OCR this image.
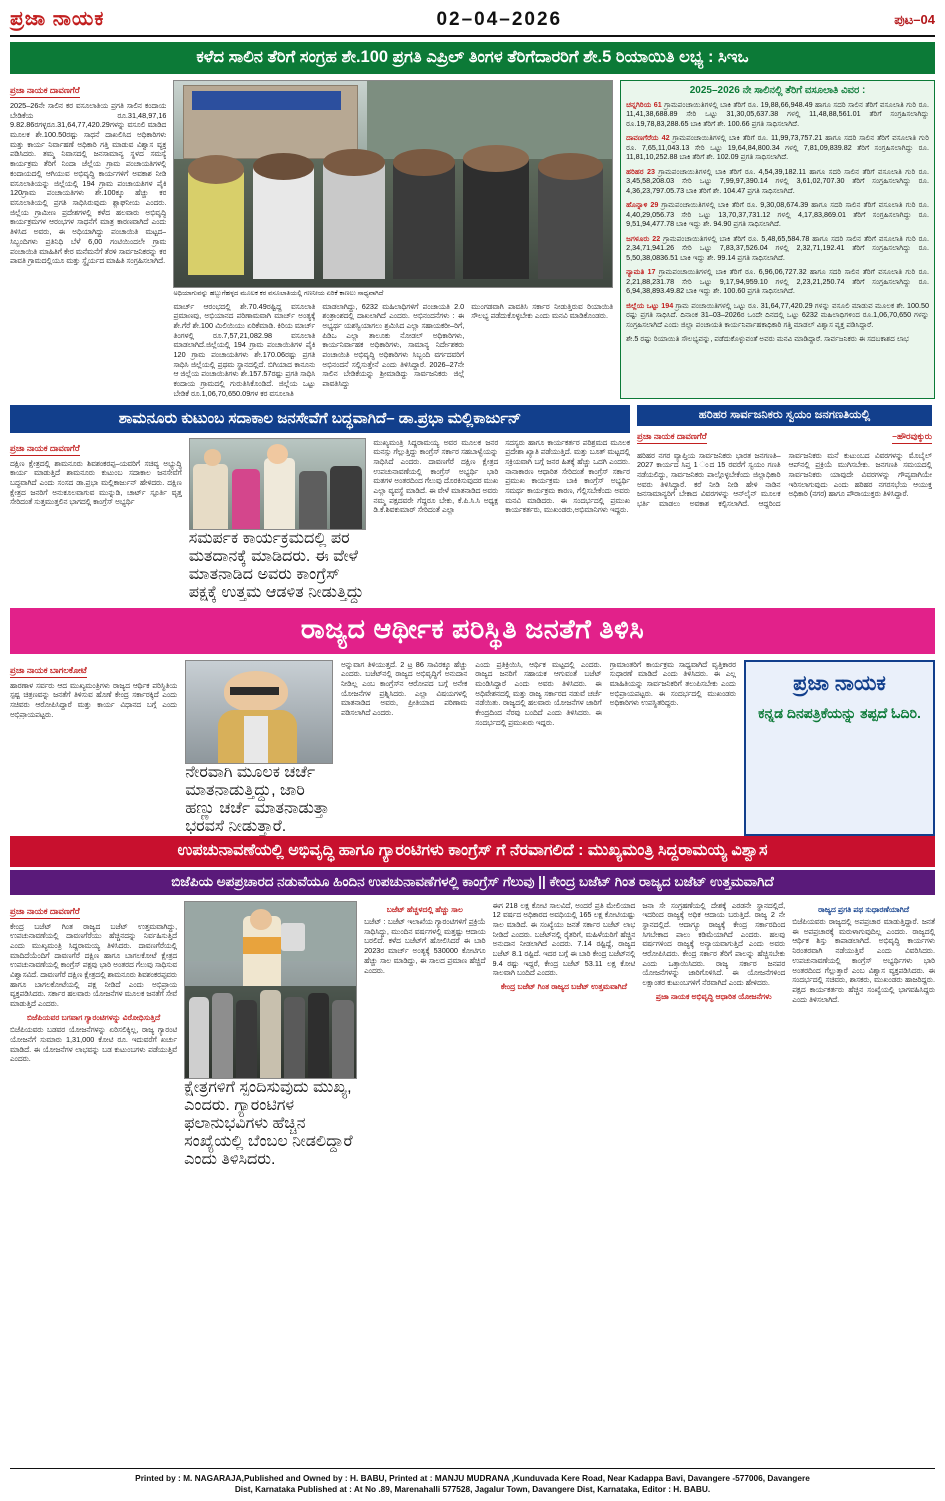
ಪ್ರಜಾ ನಾಯಕ	02–04–2026	ಪುಟ–04
ಕಳೆದ ಸಾಲಿನ ತೆರಿಗೆ ಸಂಗ್ರಹ ಶೇ.100 ಪ್ರಗತಿ ಎಪ್ರಿಲ್ ತಿಂಗಳ ತೆರಿಗೆದಾರರಿಗೆ ಶೇ.5 ರಿಯಾಯಿತಿ ಲಭ್ಯ : ಸಿಇಒ
ಪ್ರಜಾ ನಾಯಕ ದಾವಣಗೆರೆ
2025–26ನೇ ಸಾಲಿನ ಕರ ವಸೂಲಾತಿಯ ಪ್ರಗತಿ ಸಾಲಿನ ಕಂದಾಯ ಬೇಡಿಕೆಯ ರೂ.31,48,97,16 9.82.86ರಗಳ್ಳರೂ.31,64,77,420.29ಗಳನ್ನು ವಸೂಲಿ ಮಾಡಿದ ಮೂಲಕ ಶೇ.100.50ರಷ್ಟು ಸಾಧನೆ ದಾಖಲಿಸಿದ ಅಧಿಕಾರಿಗಳು ಮತ್ತು ಕಾರ್ಯ ನಿರ್ವಾಹಣೆ ಅಧಿಕಾರಿ ಗತ್ತಿ ಮಾಡುವ ವಿಶ್ವಾಸ ವ್ಯಕ್ತ ಪಡಿಸಿದರು. ತಮ್ಮ ನಿವಾಸದಲ್ಲಿ ಜನಸಾಮಾನ್ಯ ಸ್ಥಳದ ಸಮಸ್ಯೆ ಕಾರ್ಯಕ್ರಮ ತೆರಿಗೆ ನಿಂದಾ ಜೆಲ್ಲೆಯ ಗ್ರಾಮ ಪಂಚಾಯತಿಗಳಲ್ಲಿ ಕಂದಾಯದಲ್ಲಿ ಆಗಿಯುವ ಅಭಿವೃದ್ಧಿ ಕಾರ್ಯಗಳಿಗೆ ಅವಕಾಶ ನೀಡಿ ವಸೂಲಾತಿಯನ್ನು ಜಿಲ್ಲೆಯಲ್ಲಿ 194 ಗ್ರಾಮ ಪಂಚಾಯತಿಗಳ ಪೈಕಿ 120ಗ್ರಾಮ ಪಂಚಾಯತಿಗಳು ಶೇ.100ಕ್ಕೂ ಹೆಚ್ಚು ಕರ ವಸೂಲಾತಿಯಲ್ಲಿ ಪ್ರಗತಿ ಸಾಧಿಸಿರುವುದು ಶ್ಲಾಘನೀಯ ಎಂದರು. ಜಿಲ್ಲೆಯ ಗ್ರಾಮೀಣ ಪ್ರದೇಶಗಳಲ್ಲಿ ಕಳೆದ ಹಲವಾರು ಅಭಿವೃದ್ಧಿ ಕಾರ್ಯಕ್ರಮಗಳ ಆರಂಭಗಳ ಸಾಧನೆಗೆ ಮಾತ್ರ ಕಾರಣವಾಗಿದೆ ಎಂದು ತಿಳಿಸಿದ ಅವರು, ಈ ಅಧಿಯಾಗಿದ್ದು ಪಂಚಾಯಿತಿ ಮಟ್ಟದ–ಸಿಬ್ಬಂದಿಗಳು ಪ್ರತಿನಿಧಿ ಬೆಳೆ 6,00 ಗಂಟಿಯಿಂದಲೇ ಗ್ರಾಮ ಪಂಚಾಯಿತಿ ಮಾಹಿತಿಗೆ ಕೇರ ಮನೆಮನೆಗೆ ತೆರಳಿ ಸಾರ್ವಜನಿಕರನ್ನು ಕರ ಪಾವತಿ ಗ್ರಾಮದಲ್ಲಿಯೂ ಮತ್ತು ಸ್ಥೈರ್ಯದ ಮಾಹಿತಿ ಸಂಗ್ರಹಿಸಲಾಗಿದೆ.
ಅಧಿಯಾಗುವನ್ನು ಹಬ್ಬುಗೆಹಳ್ಳದ ಮೂಲಕ ಕರ ವಸೂಲಾತಿಯಲ್ಲಿ ಗಣನೀಯ ಏರಿಕೆ ಕಾಣಲು ಸಾಧ್ಯವಾಗಿದೆ
ಮಾರ್ಚ್ ಆರಂಭದಲ್ಲಿ ಶೇ.70.49ರಷ್ಟಿದ್ದ ವಸೂಲಾತಿ ಪ್ರಮಾಣವು, ಅಭಿಯಾನದ ಪರಿಣಾಮವಾಗಿ ಮಾರ್ಚ್ ಅಂತ್ಯಕ್ಕೆ ಶೇ.ಗೆರೆ ಶೇ.100 ಮಿಲಿಯಿಯು ಏರಿಕೆಮಾಡಿ. ಕಿರಿಯ ಮಾರ್ಚ್ ತಿಂಗಳಲ್ಲಿ ರೂ.7,57,21,082.98 ವಸೂಲಾತಿ ಮಾಡಲಾಗಿದೆ.ಜಿಲ್ಲೆಯಲ್ಲಿ 194 ಗ್ರಾಮ ಪಂಚಾಯಿತಿಗಳ ಪೈಕಿ 120 ಗ್ರಾಮ ಪಂಚಾಯತಿಗಳು ಶೇ.170.06ರಷ್ಟು ಪ್ರಗತಿ ಸಾಧಿಸಿ ಜಿಲ್ಲೆಯಲ್ಲಿ ಪ್ರಥಮ ಸ್ಥಾನದಲ್ಲಿದೆ. ಬಿಗಿಯಾದ ಕಾನೂನು ಆ ಜಿಲ್ಲೆಯ ಪಂಚಾಯಿತಿಗಳು ಶೇ.157.57ರಷ್ಟು ಪ್ರಗತಿ ಸಾಧಿಸಿ ಕಂದಾಯ ಗ್ರಾಮದಲ್ಲಿ ಗುರುತಿಸಿಕೊಂಡಿದೆ. ಜಿಲ್ಲೆಯ ಒಟ್ಟು ಬೇಡಿಕೆ ರೂ.1,06,70,650.09ಗಳ ಕರ ವಸೂಲಾತಿ
ಮಾಡಲಾಗಿದ್ದು, 6232 ಮಹಿಲಾಧಿಗಳಿಗೆ ಪಂಚಾಯತಿ 2.0 ಶಂತ್ರಾಂಶದಲ್ಲಿ ದಾಖಲಾಗಿದೆ ಎಂದರು. ಅಭಿನಂದನೆಗಳು : ಈ ಅಭ್ಯರ್ಥ ಯಶಸ್ವಿಯಾಗಲು ಶ್ರಮಿಸಿದ ಎಲ್ಲಾ ಸಹಾಯಕರೀ–ರಿಗೆ, ಪಿಡಿಒ ಎಲ್ಲಾ ತಾಲೂಕು ನೋಡಲ್ ಅಧಿಕಾರಿಗಳು, ಕಾರ್ಯನಿರ್ವಾಹಕ ಅಧಿಕಾರಿಗಳು, ಸಾಮಾನ್ಯ ನಿರ್ದೇಶಕರು ಪಂಚಾಯಿತಿ ಅಭಿವೃದ್ಧಿ ಅಧಿಕಾರಿಗಳು ಸಿಬ್ಬಂದಿ ವರ್ಗದವರಿಗೆ ಅಭಿನಂದನೆ ಸಲ್ಲಿಸುತ್ತೇನೆ ಎಂದು ತಿಳಿಸಿದ್ದಾರೆ. 2026–27ನೇ ಸಾಲಿನ ಬೇಡಿಕೆಯನ್ನು ಶ್ರೀಮಾಡಿದ್ದು ಸಾರ್ವಜನಿಕರು ಜಿಲ್ಲೆ ಪಾವತಿಸಿದ್ದು
ಮುಂಗಡವಾಗಿ ಪಾವತಿಸಿ ಸರ್ಕಾರ ನೀಡುತ್ತಿರುವ ರಿಯಾಯಿತಿ ಸೌಲಭ್ಯ ಪಡೆದುಕೊಳ್ಳಬೇಕು ಎಂದು ಮನವಿ ಮಾಡಿಕೊಂಡರು.
2025–2026 ನೇ ಸಾಲಿನಲ್ಲಿ ತೆರಿಗೆ ವಸೂಲಾತಿ ವಿವರ :
ಚನ್ನಗಿರಿಯ 61 ಗ್ರಾಮಪಂಚಾಯಿತಿಗಳಲ್ಲಿ ಬಾಕಿ ತೆರಿಗೆ ರೂ. 19,88,66,948.49 ಹಾಗೂ ಸದರಿ ಸಾಲಿನ ತೆರಿಗೆ ವಸೂಲಾತಿ ಗುರಿ ರೂ. 11,41,38,688.89 ಸೇರಿ ಒಟ್ಟು 31,30,05,637.38 ಗಳಲ್ಲಿ 11,48,88,561.01 ತೆರಿಗೆ ಸಂಗ್ರಹಿಸಲಾಗಿದ್ದು ರೂ.19,78,83,288.65 ಬಾಕಿ ತೆರಿಗೆ ಶೇ. 100.66 ಪ್ರಗತಿ ಸಾಧಿಸಲಾಗಿದೆ.
ದಾವಣಗೆರೆಯ 42 ಗ್ರಾಮಪಂಚಾಯಿತಿಗಳಲ್ಲಿ ಬಾಕಿ ತೆರಿಗೆ ರೂ. 11,99,73,757.21 ಹಾಗೂ ಸದರಿ ಸಾಲಿನ ತೆರಿಗೆ ವಸೂಲಾತಿ ಗುರಿ ರೂ. 7,65,11,043.13 ಸೇರಿ ಒಟ್ಟು 19,64,84,800.34 ಗಳಲ್ಲಿ 7,81,09,839.82 ತೆರಿಗೆ ಸಂಗ್ರಹಿಸಲಾಗಿದ್ದು ರೂ. 11,81,10,252.88 ಬಾಕಿ ತೆರಿಗೆ ಶೇ. 102.09 ಪ್ರಗತಿ ಸಾಧಿಸಲಾಗಿದೆ.
ಹರಿಹರ 23 ಗ್ರಾಮಪಂಚಾಯಿತಿಗಳಲ್ಲಿ ಬಾಕಿ ತೆರಿಗೆ ರೂ. 4,54,39,182.11 ಹಾಗೂ ಸದರಿ ಸಾಲಿನ ತೆರಿಗೆ ವಸೂಲಾತಿ ಗುರಿ ರೂ. 3,45,58,208.03 ಸೇರಿ ಒಟ್ಟು 7,99,97,390.14 ಗಳಲ್ಲಿ 3,61,02,707.30 ತೆರಿಗೆ ಸಂಗ್ರಹಿಸಲಾಗಿದ್ದು ರೂ. 4,36,23,797.05.73 ಬಾಕಿ ತೆರಿಗೆ ಶೇ. 104.47 ಪ್ರಗತಿ ಸಾಧಿಸಲಾಗಿದೆ.
ಹೊನ್ನಾಳಿ 29 ಗ್ರಾಮಪಂಚಾಯಿತಿಗಳಲ್ಲಿ ಬಾಕಿ ತೆರಿಗೆ ರೂ. 9,30,08,674.39 ಹಾಗೂ ಸದರಿ ಸಾಲಿನ ತೆರಿಗೆ ವಸೂಲಾತಿ ಗುರಿ ರೂ. 4,40,29,056.73 ಸೇರಿ ಒಟ್ಟು 13,70,37,731.12 ಗಳಲ್ಲಿ 4,17,83,869.01 ತೆರಿಗೆ ಸಂಗ್ರಹಿಸಲಾಗಿದ್ದು ರೂ. 9,51,94,477.78 ಬಾಕಿ ಇದ್ದು ಶೇ. 94.90 ಪ್ರಗತಿ ಸಾಧಿಸಲಾಗಿದೆ.
ಜಗಳೂರು 22 ಗ್ರಾಮಪಂಚಾಯಿತಿಗಳಲ್ಲಿ ಬಾಕಿ ತೆರಿಗೆ ರೂ. 5,48,65,584.78 ಹಾಗೂ ಸದರಿ ಸಾಲಿನ ತೆರಿಗೆ ವಸೂಲಾತಿ ಗುರಿ ರೂ. 2,34,71,941.26 ಸೇರಿ ಒಟ್ಟು 7,83,37,526.04 ಗಳಲ್ಲಿ 2,32,71,192.41 ತೆರಿಗೆ ಸಂಗ್ರಹಿಸಲಾಗಿದ್ದು ರೂ. 5,50,38,0836.51 ಬಾಕಿ ಇದ್ದು ಶೇ. 99.14 ಪ್ರಗತಿ ಸಾಧಿಸಲಾಗಿದೆ.
ನ್ಯಾಮತಿ 17 ಗ್ರಾಮಪಂಚಾಯಿತಿಗಳಲ್ಲಿ ಬಾಕಿ ತೆರಿಗೆ ರೂ. 6,96,06,727.32 ಹಾಗೂ ಸದರಿ ಸಾಲಿನ ತೆರಿಗೆ ವಸೂಲಾತಿ ಗುರಿ ರೂ. 2,21,88,231.78 ಸೇರಿ ಒಟ್ಟು 9,17,94,959.10 ಗಳಲ್ಲಿ 2,23,21,250.74 ತೆರಿಗೆ ಸಂಗ್ರಹಿಸಲಾಗಿದ್ದು ರೂ. 6,94,38,893.49.82 ಬಾಕಿ ಇದ್ದು ಶೇ. 100.60 ಪ್ರಗತಿ ಸಾಧಿಸಲಾಗಿದೆ.
ಜಿಲ್ಲೆಯ ಒಟ್ಟು 194 ಗ್ರಾಮ ಪಂಚಾಯಿತಿಗಳಲ್ಲಿ ಒಟ್ಟು ರೂ. 31,64,77,420.29 ಗಳನ್ನು ವಸೂಲಿ ಮಾಡುವ ಮೂಲಕ ಶೇ. 100.50 ರಷ್ಟು ಪ್ರಗತಿ ಸಾಧಿಸಿದೆ. ದಿನಾಂಕ 31–03–2026ರ ಒಂದೇ ದಿನದಲ್ಲಿ ಒಟ್ಟು 6232 ಮಹಿಲಾಧಿಗಳಿಂದ ರೂ.1,06,70,650 ಗಳನ್ನು ಸಂಗ್ರಹಿಸಲಾಗಿದೆ ಎಂದು ಜಿಲ್ಲಾ ಪಂಚಾಯತಿ ಕಾರ್ಯನಿರ್ವಾಹಕಾಧಿಕಾರಿ ಗತ್ತಿ ಮಾಡಲ್ ವಿಶ್ವಾಸ ವ್ಯಕ್ತ ಪಡಿಸಿದ್ದಾರೆ.
ಶೇ.5 ರಷ್ಟು ರಿಯಾಯಿತಿ ಸೌಲಭ್ಯವನ್ನು, ಪಡೆದುಕೊಳ್ಳುವಂತೆ ಅವರು ಮನವಿ ಮಾಡಿದ್ದಾರೆ. ಸಾರ್ವಜನಿಕರು ಈ ಸದಬಕಾಶದ ಲಾಭ
ಶಾಮನೂರು ಕುಟುಂಬ ಸದಾಕಾಲ ಜನಸೇವೆಗೆ ಬದ್ಧವಾಗಿದೆ– ಡಾ.ಪ್ರಭಾ ಮಲ್ಲಿಕಾರ್ಜುನ್
ಪ್ರಜಾ ನಾಯಕ ದಾವಣಗೆರೆ
ದಕ್ಷಿಣ ಕ್ಷೇತ್ರದಲ್ಲಿ ಶಾಮನೂರು ಶಿವಶಂಕರಪ್ಪ–ಯವರಿಗೆ ಸಚಿವ್ಯ ಅಭ್ಯುದ್ಧಿ ಕಾರ್ಯ ಮಾಡುತ್ತಿದೆ ಶಾಮನೂರು ಕುಟುಂಬ ಸದಾಕಾಲ ಜನಸೇವೆಗೆ ಬದ್ಧವಾಗಿದೆ ಎಂದು ಸಂಸದ ಡಾ.ಪ್ರಭಾ ಮಲ್ಲಿಕಾರ್ಜುನ್ ಹೇಳಿದರು. ದಕ್ಷಿಣ ಕ್ಷೇತ್ರದ ಜನರಿಗೆ ಅನುಕೂಲವಾಗುವ ಮುನ್ನುಡಿ, ಚಾರ್ಟ್ ಸ್ಪೂರ್ತಿ ವೃತ್ತ ಸೇರಿದಂತೆ ಸುತ್ತಮುತ್ತಲಿನ ಭಾಗದಲ್ಲಿ ಕಾಂಗ್ರೆಸ್ ಅಭ್ಯರ್ಥಿ
ಸಮರ್ಪಕ ಕಾರ್ಯಕ್ರಮದಲ್ಲಿ ಪರ ಮತದಾನಕ್ಕೆ ಮಾಡಿದರು. ಈ ವೇಳೆ ಮಾತನಾಡಿದ ಅವರು ಕಾಂಗ್ರೆಸ್ ಪಕ್ಷಕ್ಕೆ ಉತ್ತಮ ಆಡಳಿತ ನೀಡುತ್ತಿದ್ದು
ಮುಖ್ಯಮಂತ್ರಿ ಸಿದ್ದರಾಮಯ್ಯ ಅವರ ಮೂಲಕ ಜನರ ಮನಸ್ಸು ಗೆಲ್ಲುತ್ತಿದ್ದು ಕಾಂಗ್ರೆಸ್ ಸರ್ಕಾರ ಸಹಬಾಳ್ವೆಯನ್ನು ಸಾಧಿಸಿದೆ ಎಂದರು. ದಾವಣಗೆರೆ ದಕ್ಷಿಣ ಕ್ಷೇತ್ರದ ಉಪಚುನಾವಣೆಯಲ್ಲಿ ಕಾಂಗ್ರೆಸ್ ಅಭ್ಯರ್ಥಿ ಭಾರಿ ಮತಗಳ ಅಂತರದಿಂದ ಗೆಲುವು ದೊರಕಿಸುವುದರ ಮುಖ ಎಲ್ಲಾ ವ್ಯವಸ್ಥೆ ಮಾಡಿದೆ. ಈ ವೇಳೆ ಮಾತನಾಡಿದ ಅವರು ನಮ್ಮ ಪಕ್ಷದವರೇ ಗೆದ್ದರೂ ಬೇಕು, ಕೆ.ಪಿ.ಸಿ.ಸಿ ಅಧ್ಯಕ್ಷ ಡಿ.ಕೆ.ಶಿವಕುಮಾರ್ ಸೇರಿದಂತೆ ಎಲ್ಲಾ
ಸದಸ್ಯರು ಹಾಗೂ ಕಾರ್ಯಕರ್ತರ ಪರಿಶ್ರಮದ ಮೂಲಕ ಪ್ರದೇಶಾ ಖ್ಯಾತಿ ಪಡೆಯುತ್ತಿದೆ. ಮತ್ತು ಬೂತ್ ಮಟ್ಟದಲ್ಲಿ ಸಕ್ರಿಯವಾಗಿ ಬಗ್ಗೆ ಜನರ ಹಿತಕ್ಕೆ ಹೆಚ್ಚು ಒದಗಿ ಎಂದರು. ನಾನಾಕಾರಣ ಆಧಾರಿತ ಸೇರಿದಂತೆ ಕಾಂಗ್ರೆಸ್ ಸರ್ಕಾರ ಪ್ರಮುಖ ಕಾರ್ಯಕ್ರಮ ಬಾಕಿ ಕಾಂಗ್ರೆಸ್ ಅಭ್ಯರ್ಥಿ ಸಮರ್ಥ ಕಾರ್ಯಕ್ರಮ ಕಾರಣ, ಗೆಲ್ಲಿಸಬೇಕೆಂದು ಅವರು ಮನವಿ ಮಾಡಿದರು. ಈ ಸಂದರ್ಭದಲ್ಲಿ ಪ್ರಮುಖ ಕಾರ್ಯಕರ್ತರು, ಮುಖಂಡರು,ಅಭಿಮಾನಿಗಳು ಇದ್ದರು.
ಹರಿಹರ ಸಾರ್ವಜನಿಕರು ಸ್ವಯಂ ಜನಗಣತಿಯಲ್ಲಿ
ಪ್ರಜಾ ನಾಯಕ ದಾವಣಗೆರೆ	–ಹೌರವುಕ್ಕುರು
ಹರಿಹರ ನಗರ ವ್ಯಾಪ್ತಿಯ ಸಾರ್ವಜನಿಕರು ಭಾರತ ಜನಗಣತಿ–2027 ಕಾರ್ಯದ ಸಿಪ್ತ 1 ಂದ 15 ರವರೆಗೆ ಸ್ವಯಂ ಗಣತಿ ನಡೆಯಲಿದ್ದು, ಸಾರ್ವಜನಿಕರು ಪಾಲ್ಗೊಳ್ಳಬೇಕೆಂದು ಜಿಲ್ಲಾಧಿಕಾರಿ ಅವರು ತಿಳಿಸಿದ್ದಾರೆ. ಕರೆ ನೀಡಿ ನೀಡಿ ಹೇಳಿ ನಾಡಿನ ಜನಸಾಮಾನ್ಯರಿಗೆ ಬೇಕಾದ ವಿವರಗಳನ್ನು ಆನ್‍ಲೈನ್ ಮೂಲಕ ಭರ್ತಿ ಮಾಡಲು ಅವಕಾಶ ಕಲ್ಪಿಸಲಾಗಿದೆ. ಆದ್ದರಿಂದ ಸಾರ್ವಜನಿಕರು ಮನೆ ಕುಟುಂಬದ ವಿವರಗಳನ್ನು ಮೊಬೈಲ್ ಆಪ್‍ನಲ್ಲಿ ಪ್ರಕ್ರಿಯೆ ಮುಗಿಸಬೇಕು. ಜನಗಣತಿ ಸಮಯದಲ್ಲಿ ಸಾರ್ವಜನಿಕರು ಯಾವುದೇ ವಿವರಗಳನ್ನು ಗೌಪ್ಯವಾಗಿಯೇ ಇರಿಸಲಾಗುವುದು ಎಂದು ಹರಿಹರ ನಗರಸಭೆಯ ಆಯುಕ್ತ ಅಧಿಕಾರಿ (ನಗರ) ಹಾಗೂ ಪೌರಾಯುಕ್ತರು ತಿಳಿಸಿದ್ದಾರೆ.
ರಾಜ್ಯದ ಆರ್ಥೀಕ ಪರಿಸ್ಥಿತಿ ಜನತೆಗೆ ತಿಳಿಸಿ
ಪ್ರಜಾ ನಾಯಕ ಬಾಗಲಕೋಟೆ
ಹಾರಣಾಳ ಸರ್ವರು ಆದ ಮುಖ್ಯಮಂತ್ರಿಗಳು ರಾಜ್ಯದ ಆರ್ಥಿಕ ಪರಿಸ್ಥಿತಿಯ ಸ್ಪಷ್ಟ ಚಿತ್ರಣವನ್ನು ಜನತೆಗೆ ತಿಳಿಸುವ ಹೊಣೆ ಕೇಂದ್ರ ಸರ್ಕಾರಕ್ಕಿದೆ ಎಂದು ಸಚಿವರು ಆರೋಪಿಸಿದ್ದಾರೆ ಮತ್ತು ಕಾರ್ಯ ವಿಧಾನದ ಬಗ್ಗೆ ಎಂದು ಅಭಿಪ್ರಾಯಪಟ್ಟರು.
ನೇರವಾಗಿ ಮೂಲಕ ಚರ್ಚೆ ಮಾತನಾಡುತ್ತಿದ್ದು, ಜಾರಿ ಹಣ್ಣು ಚರ್ಚೆ ಮಾತನಾಡುತ್ತಾ ಭರವಸೆ ನೀಡುತ್ತಾರೆ.
ಅನ್ನುವಾಗ ತಿಳಿಯುತ್ತದೆ. 2 ಟ್ರ 86 ಸಾವಿರಕ್ಕೂ ಹೆಚ್ಚು ಎಂದರು. ಬಜೆಟ್‍ನಲ್ಲಿ ರಾಜ್ಯದ ಅಭಿವೃದ್ಧಿಗೆ ಅನುದಾನ ನೀಡಿಲ್ಲ ಎಂಬ ಕಾಂಗ್ರೆಸ್‍ನ ಆರೋಪದ ಬಗ್ಗೆ ಅನೇಕ ಯೋಜನೆಗಳ ಪ್ರಶ್ನಿಸಿದರು. ಎಲ್ಲಾ ವಿಷಯಗಳಲ್ಲಿ ಮಾತನಾಡಿದ ಅವರು, ಪ್ರೀತಿಯಾದ ಪರಿಣಾಮ ಪಡಿಸಲಾಗಿದೆ ಎಂದರು.
ಎಂದು ಪ್ರತಿಕ್ರಿಯಿಸಿ, ಆರ್ಥಿಕ ಮಟ್ಟದಲ್ಲಿ ಎಂದರು. ರಾಜ್ಯದ ಜನರಿಗೆ ಸಹಾಯಕ ಆಗುವಂತೆ ಬಜೆಟ್ ಮಂಡಿಸಿದ್ದಾರೆ ಎಂದು ಅವರು ತಿಳಿಸಿದರು. ಈ ಅಧಿವೇಶನದಲ್ಲಿ ಮತ್ತು ರಾಜ್ಯ ಸರ್ಕಾರದ ನಡುವೆ ಚರ್ಚೆ ನಡೆಯಿತು. ರಾಜ್ಯದಲ್ಲಿ ಹಲವಾರು ಯೋಜನೆಗಳ ಜಾರಿಗೆ ಕೇಂದ್ರದಿಂದ ನೆರವು ಬಂದಿದೆ ಎಂದು ತಿಳಿಸಿದರು. ಈ ಸಂದರ್ಭದಲ್ಲಿ ಪ್ರಮುಖರು ಇದ್ದರು.
ಗ್ರಾಮಾಂತರಿಗೆ ಕಾರ್ಯಕ್ರಮ ಸಾಧ್ಯವಾಗಿದೆ ವೃತ್ತಿಕಾರರ ಸುಧಾರಣೆ ಮಾಡಿದೆ ಎಂದು ತಿಳಿಸಿದರು. ಈ ಎಲ್ಲ ಮಾಹಿತಿಯನ್ನು ಸಾರ್ವಜನಿಕರಿಗೆ ತಲುಪಿಸಬೇಕು ಎಂದು ಅಭಿಪ್ರಾಯಪಟ್ಟರು. ಈ ಸಂದರ್ಭದಲ್ಲಿ ಮುಖಂಡರು ಅಧಿಕಾರಿಗಳು ಉಪಸ್ಥಿತರಿದ್ದರು.
ಪ್ರಜಾ ನಾಯಕ
ಕನ್ನಡ ದಿನಪತ್ರಿಕೆಯನ್ನು ತಪ್ಪದೆ ಓದಿರಿ.
ಉಪಚುನಾವಣೆಯಲ್ಲಿ ಅಭಿವೃದ್ಧಿ ಹಾಗೂ ಗ್ಯಾರಂಟಿಗಳು ಕಾಂಗ್ರೆಸ್ ಗೆ ನೆರವಾಗಲಿದೆ : ಮುಖ್ಯಮಂತ್ರಿ ಸಿದ್ದರಾಮಯ್ಯ ವಿಶ್ವಾಸ
ಬಿಜೆಪಿಯ ಅಪಪ್ರಚಾರದ ನಡುವೆಯೂ ಹಿಂದಿನ ಉಪಚುನಾವಣೆಗಳಲ್ಲಿ ಕಾಂಗ್ರೆಸ್ ಗೆಲುವು || ಕೇಂದ್ರ ಬಜೆಟ್ ಗಿಂತ ರಾಜ್ಯದ ಬಜೆಟ್ ಉತ್ತಮವಾಗಿದೆ
ಪ್ರಜಾ ನಾಯಕ ದಾವಣಗೆರೆ
ಕೇಂದ್ರ ಬಜೆಟ್ ಗಿಂತ ರಾಜ್ಯದ ಬಜೆಟ್ ಉತ್ತಮವಾಗಿದ್ದು, ಉಪಚುನಾವಣೆಯಲ್ಲಿ ದಾವಣಗೆರೆಯು ಹೆಚ್ಚಿನದನ್ನು ನಿರ್ವಹಿಸುತ್ತಿದೆ ಎಂದು ಮುಖ್ಯಮಂತ್ರಿ ಸಿದ್ದರಾಮಯ್ಯ ತಿಳಿಸಿದರು. ದಾವಣಗೆರೆಯಲ್ಲಿ ಮಾದಿದೆಯೆಂದಿಗೆ ದಾವಣಗೆರೆ ದಕ್ಷಿಣ ಹಾಗೂ ಬಾಗಲಕೋಟೆ ಕ್ಷೇತ್ರದ ಉಪಚುನಾವಣೆಯಲ್ಲಿ ಕಾಂಗ್ರೆಸ್ ಪಕ್ಷವು ಭಾರಿ ಅಂತರದ ಗೆಲುವು ಸಾಧಿಸುವ ವಿಶ್ವಾಸವಿದೆ. ದಾವಣಗೆರೆ ದಕ್ಷಿಣ ಕ್ಷೇತ್ರದಲ್ಲಿ ಶಾಮನೂರು ಶಿವಶಂಕರಪ್ಪವರು ಹಾಗೂ ಬಾಗಲಕೋಟೆಯಲ್ಲಿ ಪಕ್ಷ ನೀಡಿದೆ ಎಂದು ಅಭಿಪ್ರಾಯ ವ್ಯಕ್ತಪಡಿಸಿದರು. ಸರ್ಕಾರ ಹಲವಾರು ಯೋಜನೆಗಳ ಮೂಲಕ ಜನತೆಗೆ ಸೇವೆ ಮಾಡುತ್ತಿದೆ ಎಂದರು.
ಬಿಜೆಪಿಯವರ ಬಗವಾಗ ಗ್ಯಾರಂಟಿಗಳನ್ನು ವಿರೋಧಿಸುತ್ತಿದೆ
ಬಿಜೆಪಿಯವರು ಬಡವರ ಯೋಜನೆಗಳನ್ನು ಏರಿಸಲಿಕ್ಕಿಲ್ಲ, ರಾಜ್ಯ ಗ್ಯಾರಂಟಿ ಯೋಜನೆಗೆ ಸುಮಾರು 1,31,000 ಕೋಟಿ ರೂ. ಇದುವರೆಗೆ ಖರ್ಚು ಮಾಡಿದೆ. ಈ ಯೋಜನೆಗಳ ಲಾಭವನ್ನು ಬಡ ಕುಟುಂಬಗಳು ಪಡೆಯುತ್ತಿವೆ ಎಂದರು.
ಕ್ಷೇತ್ರಗಳಿಗೆ ಸ್ಪಂದಿಸುವುದು ಮುಖ್ಯ, ಎಂದರು. ಗ್ಯಾರಂಟಿಗಳ ಫಲಾನುಭವಿಗಳು ಹೆಚ್ಚಿನ ಸಂಖ್ಯೆಯಲ್ಲಿ ಬೆಂಬಲ ನೀಡಲಿದ್ದಾರೆ ಎಂದು ತಿಳಿಸಿದರು.
ಬಜೆಟ್ ಹೆಚ್ಚಳದಲ್ಲಿ ಹೆಚ್ಚು ಸಾಲ
ಬಜೆಟ್ : ಬಜೆಟ್ ಇಲಾಖೆಯ ಗ್ಯಾರಂಟಿಗಳಿಗೆ ಪ್ರಕ್ರಿಯೆ ಸಾಧಿಸಿದ್ದು, ಮುಂದಿನ ವರ್ಷಗಳಲ್ಲಿ ಮತ್ತಷ್ಟು ಆದಾಯ ಬರಲಿದೆ. ಕಳೆದ ಬಜೆಟ್‍ಗೆ ಹೋಲಿಸಿದರೆ ಈ ಬಾರಿ 2023ರ ಮಾರ್ಚ್ ಅಂತ್ಯಕ್ಕೆ 530000 ಕೋಟಿಗೂ ಹೆಚ್ಚು ಸಾಲ ಮಾಡಿದ್ದು, ಈ ಸಾಲದ ಪ್ರಮಾಣ ಹೆಚ್ಚಿದೆ ಎಂದರು.
ಈಗ 218 ಲಕ್ಷ ಕೋಟಿ ಸಾಲವಿದೆ, ಅಂದರೆ ಪ್ರತಿ ಮೇಲಿಯಾದ 12 ವರ್ಷದ ಅಧಿಕಾರದ ಅವಧಿಯಲ್ಲಿ 165 ಲಕ್ಷ ಕೋಟಿಯಷ್ಟು ಸಾಲ ಮಾಡಿದೆ. ಈ ಸಂಖ್ಯೆಯು ಜನತೆ ಸರ್ಕಾರ ಬಜೆಟ್ ಲಾಭ ನೀಡಿದೆ ಎಂದರು. ಬಜೆಟ್‍ನಲ್ಲಿ ರೈತರಿಗೆ, ಮಹಿಳೆಯರಿಗೆ ಹೆಚ್ಚಿನ ಅನುದಾನ ನೀಡಲಾಗಿದೆ ಎಂದರು. 7.14 ರಷ್ಟಿದ್ದೆ, ರಾಜ್ಯದ ಬಜೆಟ್ 8.1 ರಷ್ಟಿದೆ. ಇದರ ಬಗ್ಗೆ ಈ ಬಾರಿ ಕೇಂದ್ರ ಬಜೆಟ್‍ನಲ್ಲಿ 9.4 ರಷ್ಟು ಇದ್ದರೆ, ಕೇಂದ್ರ ಬಜೆಟ್ 53.11 ಲಕ್ಷ ಕೋಟಿ ಸಾಲವಾಗಿ ಬಂದಿದೆ ಎಂದರು.
ಕೇಂದ್ರ ಬಜೆಟ್ ಗಿಂತ ರಾಜ್ಯದ ಬಜೆಟ್ ಉತ್ತಮವಾಗಿದೆ
ಜನಾ ಸೇ ಸಂಗ್ರಹಣೆಯಲ್ಲಿ ದೇಶಕ್ಕೆ ಎರಡನೇ ಸ್ಥಾನದಲ್ಲಿದೆ, ಇದರಿಂದ ರಾಜ್ಯಕ್ಕೆ ಅಧಿಕ ಆದಾಯ ಬರುತ್ತಿದೆ. ರಾಜ್ಯ 2 ನೇ ಸ್ಥಾನದಲ್ಲಿದೆ. ಆದಾಗ್ಯೂ ರಾಜ್ಯಕ್ಕೆ ಕೇಂದ್ರ ಸರ್ಕಾರದಿಂದ ಸಿಗಬೇಕಾದ ಪಾಲು ಕಡಿಮೆಯಾಗಿದೆ ಎಂದರು. ಹಲವು ವರ್ಷಗಳಿಂದ ರಾಜ್ಯಕ್ಕೆ ಅನ್ಯಾಯವಾಗುತ್ತಿದೆ ಎಂದು ಅವರು ಆರೋಪಿಸಿದರು. ಕೇಂದ್ರ ಸರ್ಕಾರ ತೆರಿಗೆ ಪಾಲನ್ನು ಹೆಚ್ಚಿಸಬೇಕು ಎಂದು ಒತ್ತಾಯಿಸಿದರು. ರಾಜ್ಯ ಸರ್ಕಾರ ಜನಪರ ಯೋಜನೆಗಳನ್ನು ಜಾರಿಗೊಳಿಸಿದೆ. ಈ ಯೋಜನೆಗಳಿಂದ ಲಕ್ಷಾಂತರ ಕುಟುಂಬಗಳಿಗೆ ನೆರವಾಗಿದೆ ಎಂದು ಹೇಳಿದರು.
ಪ್ರಜಾ ನಾಯಕ ಅಭಿವೃದ್ಧಿ ಆಧಾರಿತ ಯೋಜನೆಗಳು
ರಾಜ್ಯದ ಪ್ರಗತಿ ಪಥ ಸುಧಾರಣೆಯಾಗಿದೆ
ಬಿಜೆಪಿಯವರು ರಾಜ್ಯದಲ್ಲಿ ಅಪಪ್ರಚಾರ ಮಾಡುತ್ತಿದ್ದಾರೆ. ಜನತೆ ಈ ಅಪಪ್ರಚಾರಕ್ಕೆ ಮರುಳಾಗುವುದಿಲ್ಲ ಎಂದರು. ರಾಜ್ಯದಲ್ಲಿ ಆರ್ಥಿಕ ಶಿಸ್ತು ಕಾಪಾಡಲಾಗಿದೆ. ಅಭಿವೃದ್ಧಿ ಕಾರ್ಯಗಳು ನಿರಂತರವಾಗಿ ನಡೆಯುತ್ತಿವೆ ಎಂದು ವಿವರಿಸಿದರು. ಉಪಚುನಾವಣೆಯಲ್ಲಿ ಕಾಂಗ್ರೆಸ್ ಅಭ್ಯರ್ಥಿಗಳು ಭಾರಿ ಅಂತರದಿಂದ ಗೆಲ್ಲುತ್ತಾರೆ ಎಂಬ ವಿಶ್ವಾಸ ವ್ಯಕ್ತಪಡಿಸಿದರು. ಈ ಸಂದರ್ಭದಲ್ಲಿ ಸಚಿವರು, ಶಾಸಕರು, ಮುಖಂಡರು ಹಾಜರಿದ್ದರು. ಪಕ್ಷದ ಕಾರ್ಯಕರ್ತರು ಹೆಚ್ಚಿನ ಸಂಖ್ಯೆಯಲ್ಲಿ ಭಾಗವಹಿಸಿದ್ದರು ಎಂದು ತಿಳಿಸಲಾಗಿದೆ.
Printed by : M. NAGARAJA,Published and Owned by : H. BABU, Printed at : MANJU MUDRANA ,Kunduvada Kere Road, Near Kadappa Bavi, Davangere -577006, Davangere
Dist, Karnataka Published at : At No .89, Marenahalli 577528, Jagalur Town, Davangere Dist, Karnataka, Editor : H. BABU.
